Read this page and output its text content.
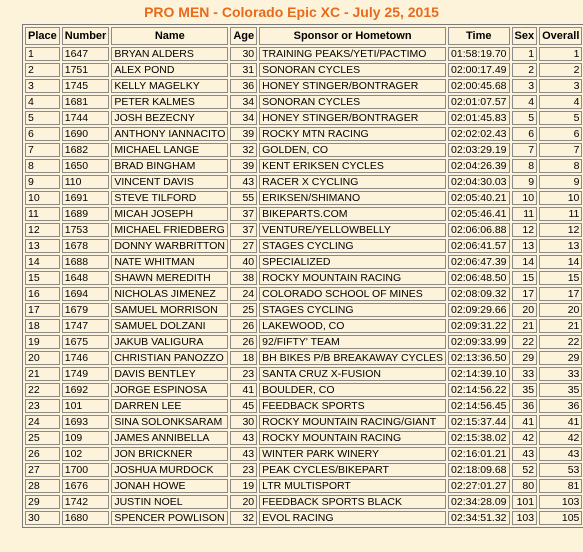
PRO MEN - Colorado Epic XC - July 25, 2015
Place	Number	Name	Age	Sponsor or Hometown	Time	Sex	Overall
1	1647	BRYAN ALDERS	30	TRAINING PEAKS/YETI/PACTIMO	01:58:19.70	1	1
2	1751	ALEX POND	31	SONORAN CYCLES	02:00:17.49	2	2
3	1745	KELLY MAGELKY	36	HONEY STINGER/BONTRAGER	02:00:45.68	3	3
4	1681	PETER KALMES	34	SONORAN CYCLES	02:01:07.57	4	4
5	1744	JOSH BEZECNY	34	HONEY STINGER/BONTRAGER	02:01:45.83	5	5
6	1690	ANTHONY IANNACITO	39	ROCKY MTN RACING	02:02:02.43	6	6
7	1682	MICHAEL LANGE	32	GOLDEN, CO	02:03:29.19	7	7
8	1650	BRAD BINGHAM	39	KENT ERIKSEN CYCLES	02:04:26.39	8	8
9	110	VINCENT DAVIS	43	RACER X CYCLING	02:04:30.03	9	9
10	1691	STEVE TILFORD	55	ERIKSEN/SHIMANO	02:05:40.21	10	10
11	1689	MICAH JOSEPH	37	BIKEPARTS.COM	02:05:46.41	11	11
12	1753	MICHAEL FRIEDBERG	37	VENTURE/YELLOWBELLY	02:06:06.88	12	12
13	1678	DONNY WARBRITTON	27	STAGES CYCLING	02:06:41.57	13	13
14	1688	NATE WHITMAN	40	SPECIALIZED	02:06:47.39	14	14
15	1648	SHAWN MEREDITH	38	ROCKY MOUNTAIN RACING	02:06:48.50	15	15
16	1694	NICHOLAS JIMENEZ	24	COLORADO SCHOOL OF MINES	02:08:09.32	17	17
17	1679	SAMUEL MORRISON	25	STAGES CYCLING	02:09:29.66	20	20
18	1747	SAMUEL DOLZANI	26	LAKEWOOD, CO	02:09:31.22	21	21
19	1675	JAKUB VALIGURA	26	92/FIFTY' TEAM	02:09:33.99	22	22
20	1746	CHRISTIAN PANOZZO	18	BH BIKES P/B BREAKAWAY CYCLES	02:13:36.50	29	29
21	1749	DAVIS BENTLEY	23	SANTA CRUZ X-FUSION	02:14:39.10	33	33
22	1692	JORGE ESPINOSA	41	BOULDER, CO	02:14:56.22	35	35
23	101	DARREN LEE	45	FEEDBACK SPORTS	02:14:56.45	36	36
24	1693	SINA SOLONKSARAM	30	ROCKY MOUNTAIN RACING/GIANT	02:15:37.44	41	41
25	109	JAMES ANNIBELLA	43	ROCKY MOUNTAIN RACING	02:15:38.02	42	42
26	102	JON BRICKNER	43	WINTER PARK WINERY	02:16:01.21	43	43
27	1700	JOSHUA MURDOCK	23	PEAK CYCLES/BIKEPART	02:18:09.68	52	53
28	1676	JONAH HOWE	19	LTR MULTISPORT	02:27:01.27	80	81
29	1742	JUSTIN NOEL	20	FEEDBACK SPORTS BLACK	02:34:28.09	101	103
30	1680	SPENCER POWLISON	32	EVOL RACING	02:34:51.32	103	105
